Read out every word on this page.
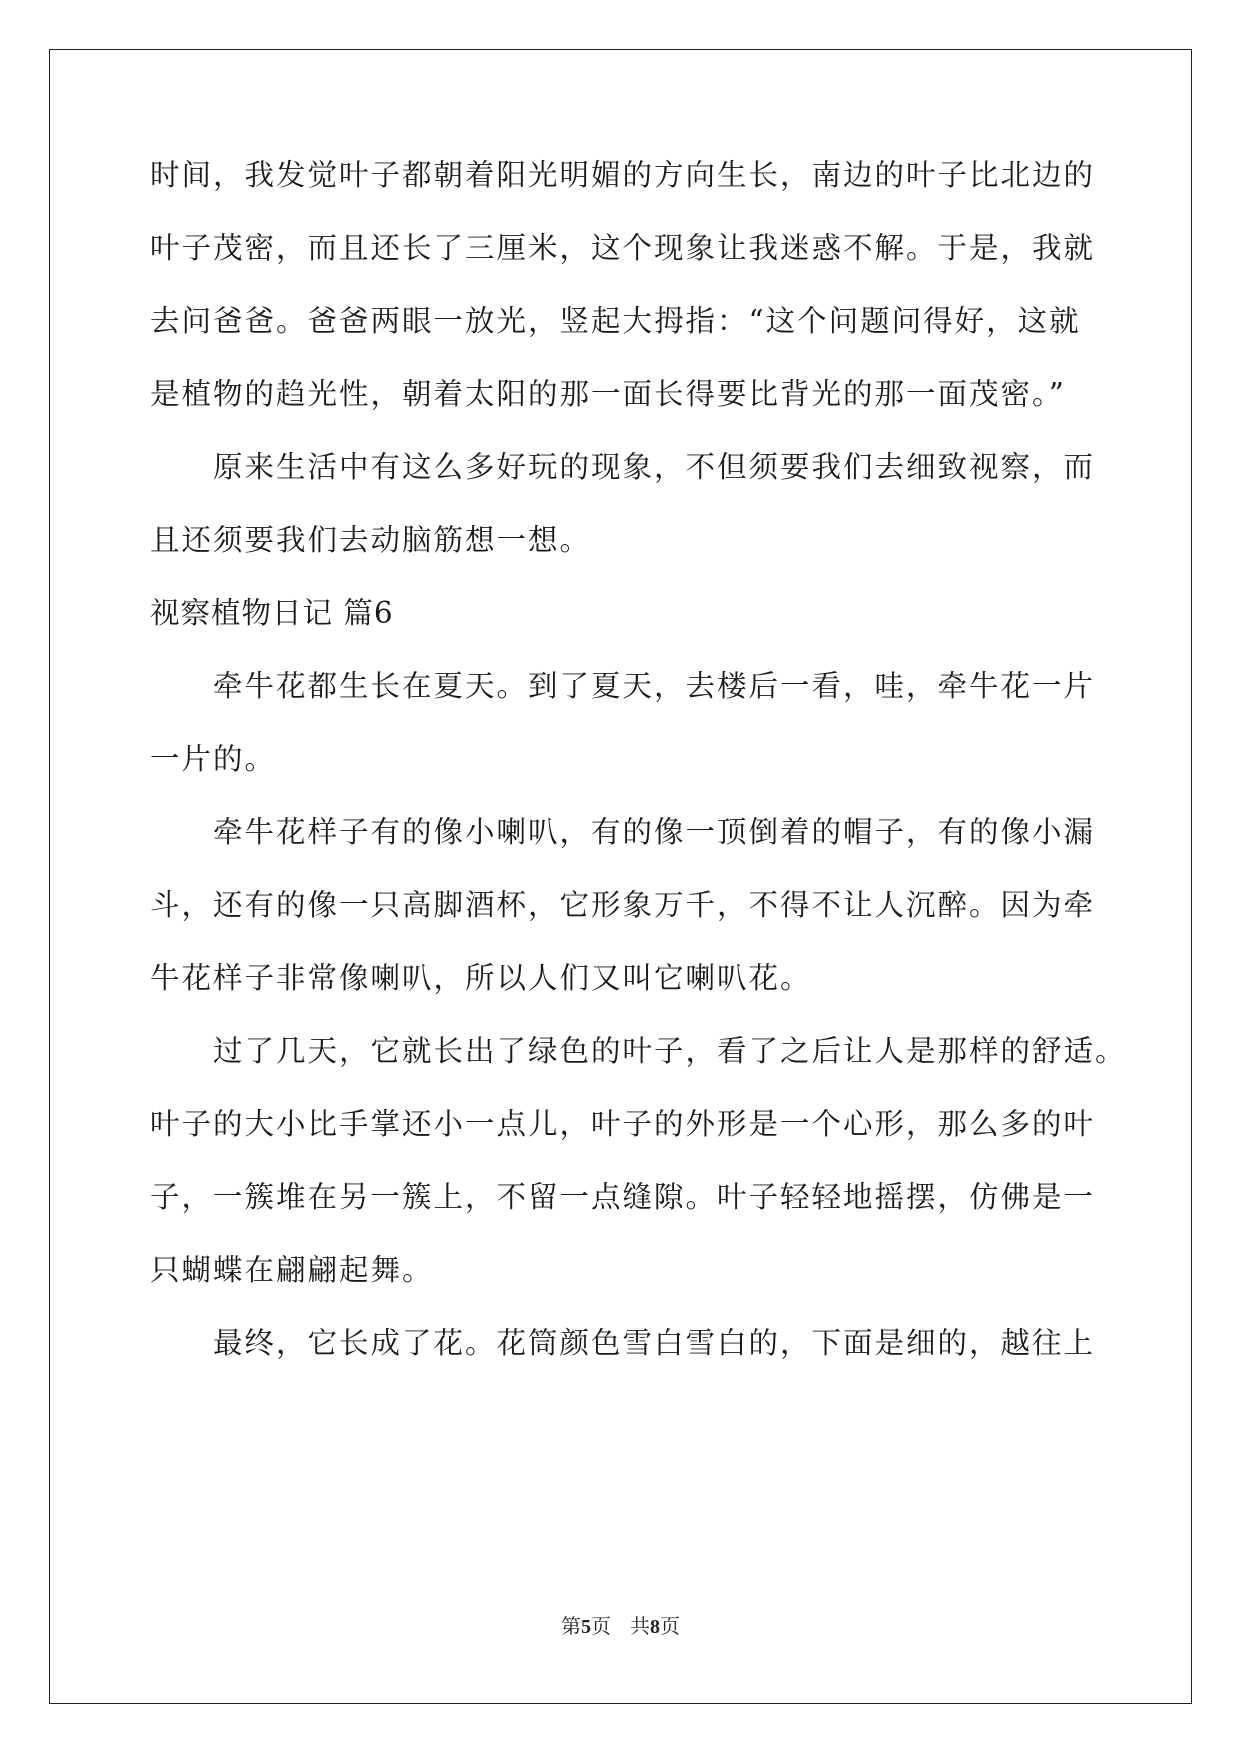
时间，我发觉叶子都朝着阳光明媚的方向生长，南边的叶子比北边的
叶子茂密，而且还长了三厘米，这个现象让我迷惑不解。于是，我就
去问爸爸。爸爸两眼一放光，竖起大拇指：“这个问题问得好，这就
是植物的趋光性，朝着太阳的那一面长得要比背光的那一面茂密。”
原来生活中有这么多好玩的现象，不但须要我们去细致视察，而
且还须要我们去动脑筋想一想。
视察植物日记 篇6
牵牛花都生长在夏天。到了夏天，去楼后一看，哇，牵牛花一片
一片的。
牵牛花样子有的像小喇叭，有的像一顶倒着的帽子，有的像小漏
斗，还有的像一只高脚酒杯，它形象万千，不得不让人沉醉。因为牵
牛花样子非常像喇叭，所以人们又叫它喇叭花。
过了几天，它就长出了绿色的叶子，看了之后让人是那样的舒适。
叶子的大小比手掌还小一点儿，叶子的外形是一个心形，那么多的叶
子，一簇堆在另一簇上，不留一点缝隙。叶子轻轻地摇摆，仿佛是一
只蝴蝶在翩翩起舞。
最终，它长成了花。花筒颜色雪白雪白的，下面是细的，越往上
第5页   共8页
